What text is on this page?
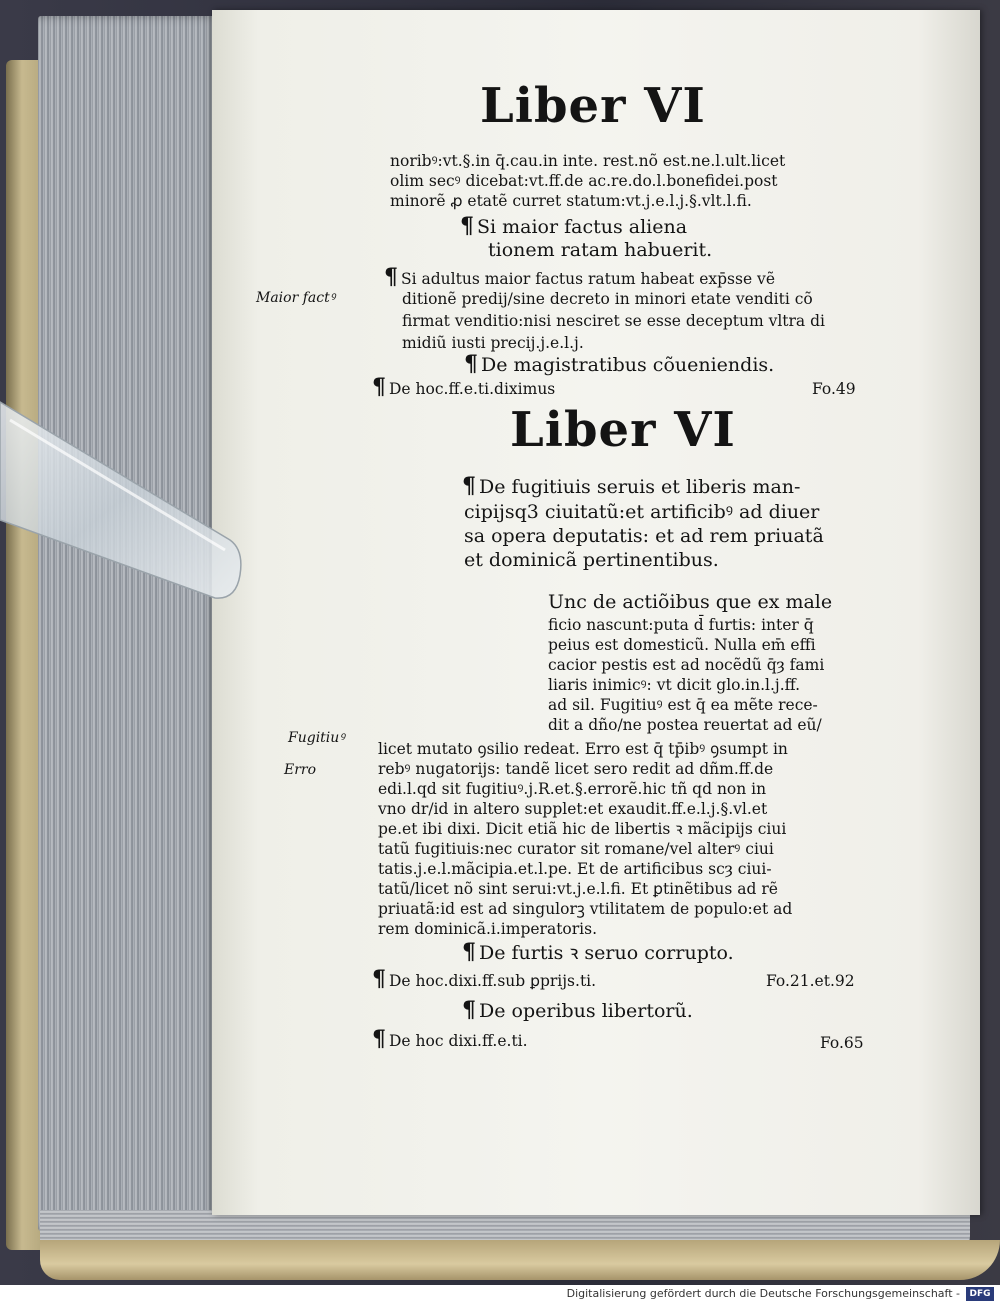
Liber VI
noribꝰ:vt.§.in q̄.cau.in inte. rest.nõ est.ne.l.ult.licet
olim secꝰ dicebat:vt.ff.de ac.re.do.l.bonefidei.post
minorẽ ꝓ etatẽ curret statum:vt.j.e.l.j.§.vlt.l.fi.
¶ Si maior factus aliena
tionem ratam habuerit.
Maior factꝰ
¶ Si adultus maior factus ratum habeat exp̄sse vẽ
ditionẽ predij/sine decreto in minori etate venditi cõ
firmat venditio:nisi nesciret se esse deceptum vltra di
midiũ iusti precij.j.e.l.j.
¶ De magistratibus cõueniendis.
¶ De hoc.ff.e.ti.diximus	Fo.49
Liber VI
¶ De fugitiuis seruis et liberis man-
cipijsq3 ciuitatũ:et artificibꝰ ad diuer
sa opera deputatis: et ad rem priuatã
et dominicã pertinentibus.
Unc de actiõibus que ex male
ficio nascunt:puta d̄ furtis: inter q̄
peius est domesticũ. Nulla em̄ effi
cacior pestis est ad nocẽdũ q̄ȝ fami
liaris inimicꝰ: vt dicit glo.in.l.j.ff.
ad sil. Fugitiuꝰ est q̄ ea mẽte rece-
dit a dño/ne postea reuertat ad eũ/
Fugitiuꝰ
Erro
licet mutato ꝯsilio redeat. Erro est q̄ tp̄ibꝰ ꝯsumpt in
rebꝰ nugatorijs: tandẽ licet sero redit ad dñm.ff.de
edi.l.qd sit fugitiuꝰ.j.R.et.§.errorẽ.hic tñ qd non in
vno dr/id in altero supplet:et exaudit.ff.e.l.j.§.vl.et
pe.et ibi dixi. Dicit etiã hic de libertis ꝛ mãcipijs ciui
tatũ fugitiuis:nec curator sit romane/vel alterꝰ ciui
tatis.j.e.l.mãcipia.et.l.pe. Et de artificibus scȝ ciui-
tatũ/licet nõ sint serui:vt.j.e.l.fi. Et ꝑtinẽtibus ad rẽ
priuatã:id est ad singulorꝫ vtilitatem de populo:et ad
rem dominicã.i.imperatoris.
¶ De furtis ꝛ seruo corrupto.
¶ De hoc.dixi.ff.sub ꝑprijs.ti.	Fo.21.et.92
¶ De operibus libertorũ.
¶ De hoc dixi.ff.e.ti.	Fo.65
Digitalisierung gefördert durch die Deutsche Forschungsgemeinschaft -	DFG
